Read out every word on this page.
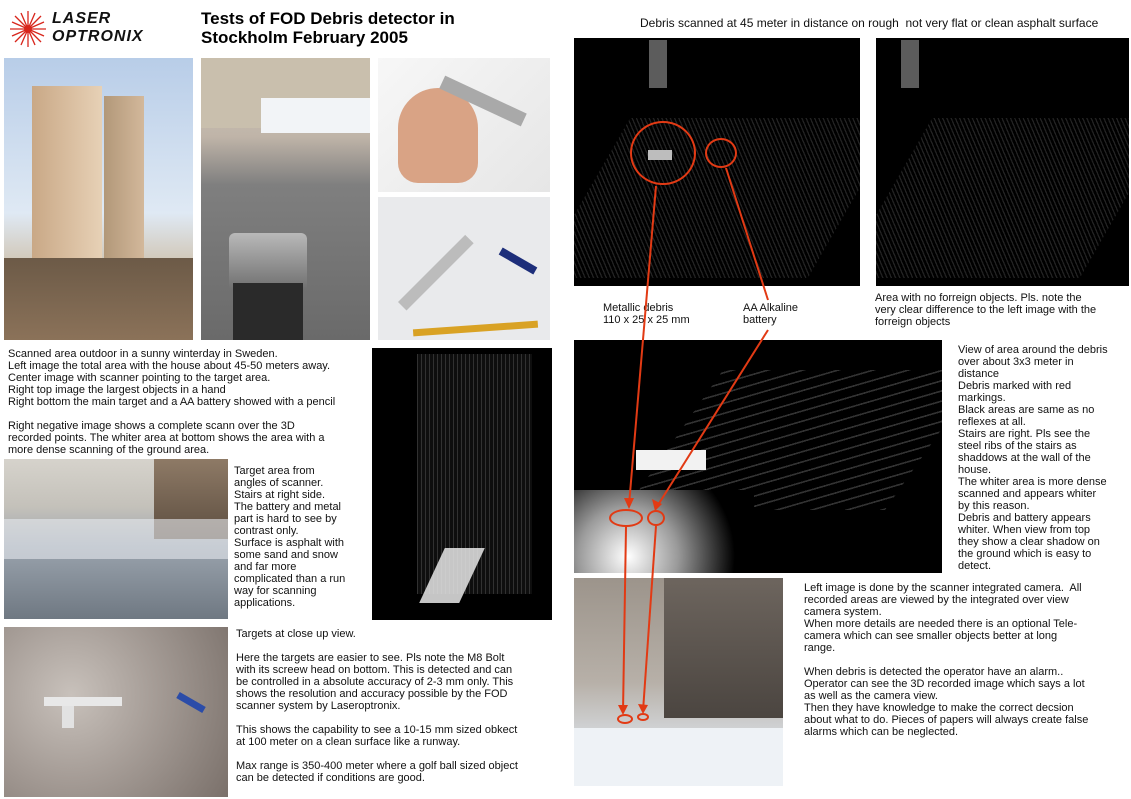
LASER
OPTRONIX
Tests of FOD Debris detector in
Stockholm February 2005
Debris scanned at 45 meter in distance on rough  not very flat or clean asphalt surface
Scanned area outdoor in a sunny winterday in Sweden.
Left image the total area with the house about 45-50 meters away.
Center image with scanner pointing to the target area.
Right top image the largest objects in a hand
Right bottom the main target and a AA battery showed with a pencil

Right negative image shows a complete scann over the 3D
recorded points. The whiter area at bottom shows the area with a
more dense scanning of the ground area.
Target area from
angles of scanner.
Stairs at right side.
The battery and metal
part is hard to see by
contrast only.
Surface is asphalt with
some sand and snow
and far more
complicated than a run
way for scanning
applications.
Targets at close up view.

Here the targets are easier to see. Pls note the M8 Bolt
with its screew head on bottom. This is detected and can
be controlled in a absolute accuracy of 2-3 mm only. This
shows the resolution and accuracy possible by the FOD
scanner system by Laseroptronix.

This shows the capability to see a 10-15 mm sized obkect
at 100 meter on a clean surface like a runway.

Max range is 350-400 meter where a golf ball sized object
can be detected if conditions are good.
Metallic debris
110 x 25 x 25 mm
AA Alkaline
battery
Area with no forreign objects. Pls. note the
very clear difference to the left image with the
forreign objects
View of area around the debris
over about 3x3 meter in
distance
Debris marked with red
markings.
Black areas are same as no
reflexes at all.
Stairs are right. Pls see the
steel ribs of the stairs as
shaddows at the wall of the
house.
The whiter area is more dense
scanned and appears whiter
by this reason.
Debris and battery appears
whiter. When view from top
they show a clear shadow on
the ground which is easy to
detect.
Left image is done by the scanner integrated camera.  All
recorded areas are viewed by the integrated over view
camera system.
When more details are needed there is an optional Tele-
camera which can see smaller objects better at long
range.

When debris is detected the operator have an alarm..
Operator can see the 3D recorded image which says a lot
as well as the camera view.
Then they have knowledge to make the correct decsion
about what to do. Pieces of papers will always create false
alarms which can be neglected.
